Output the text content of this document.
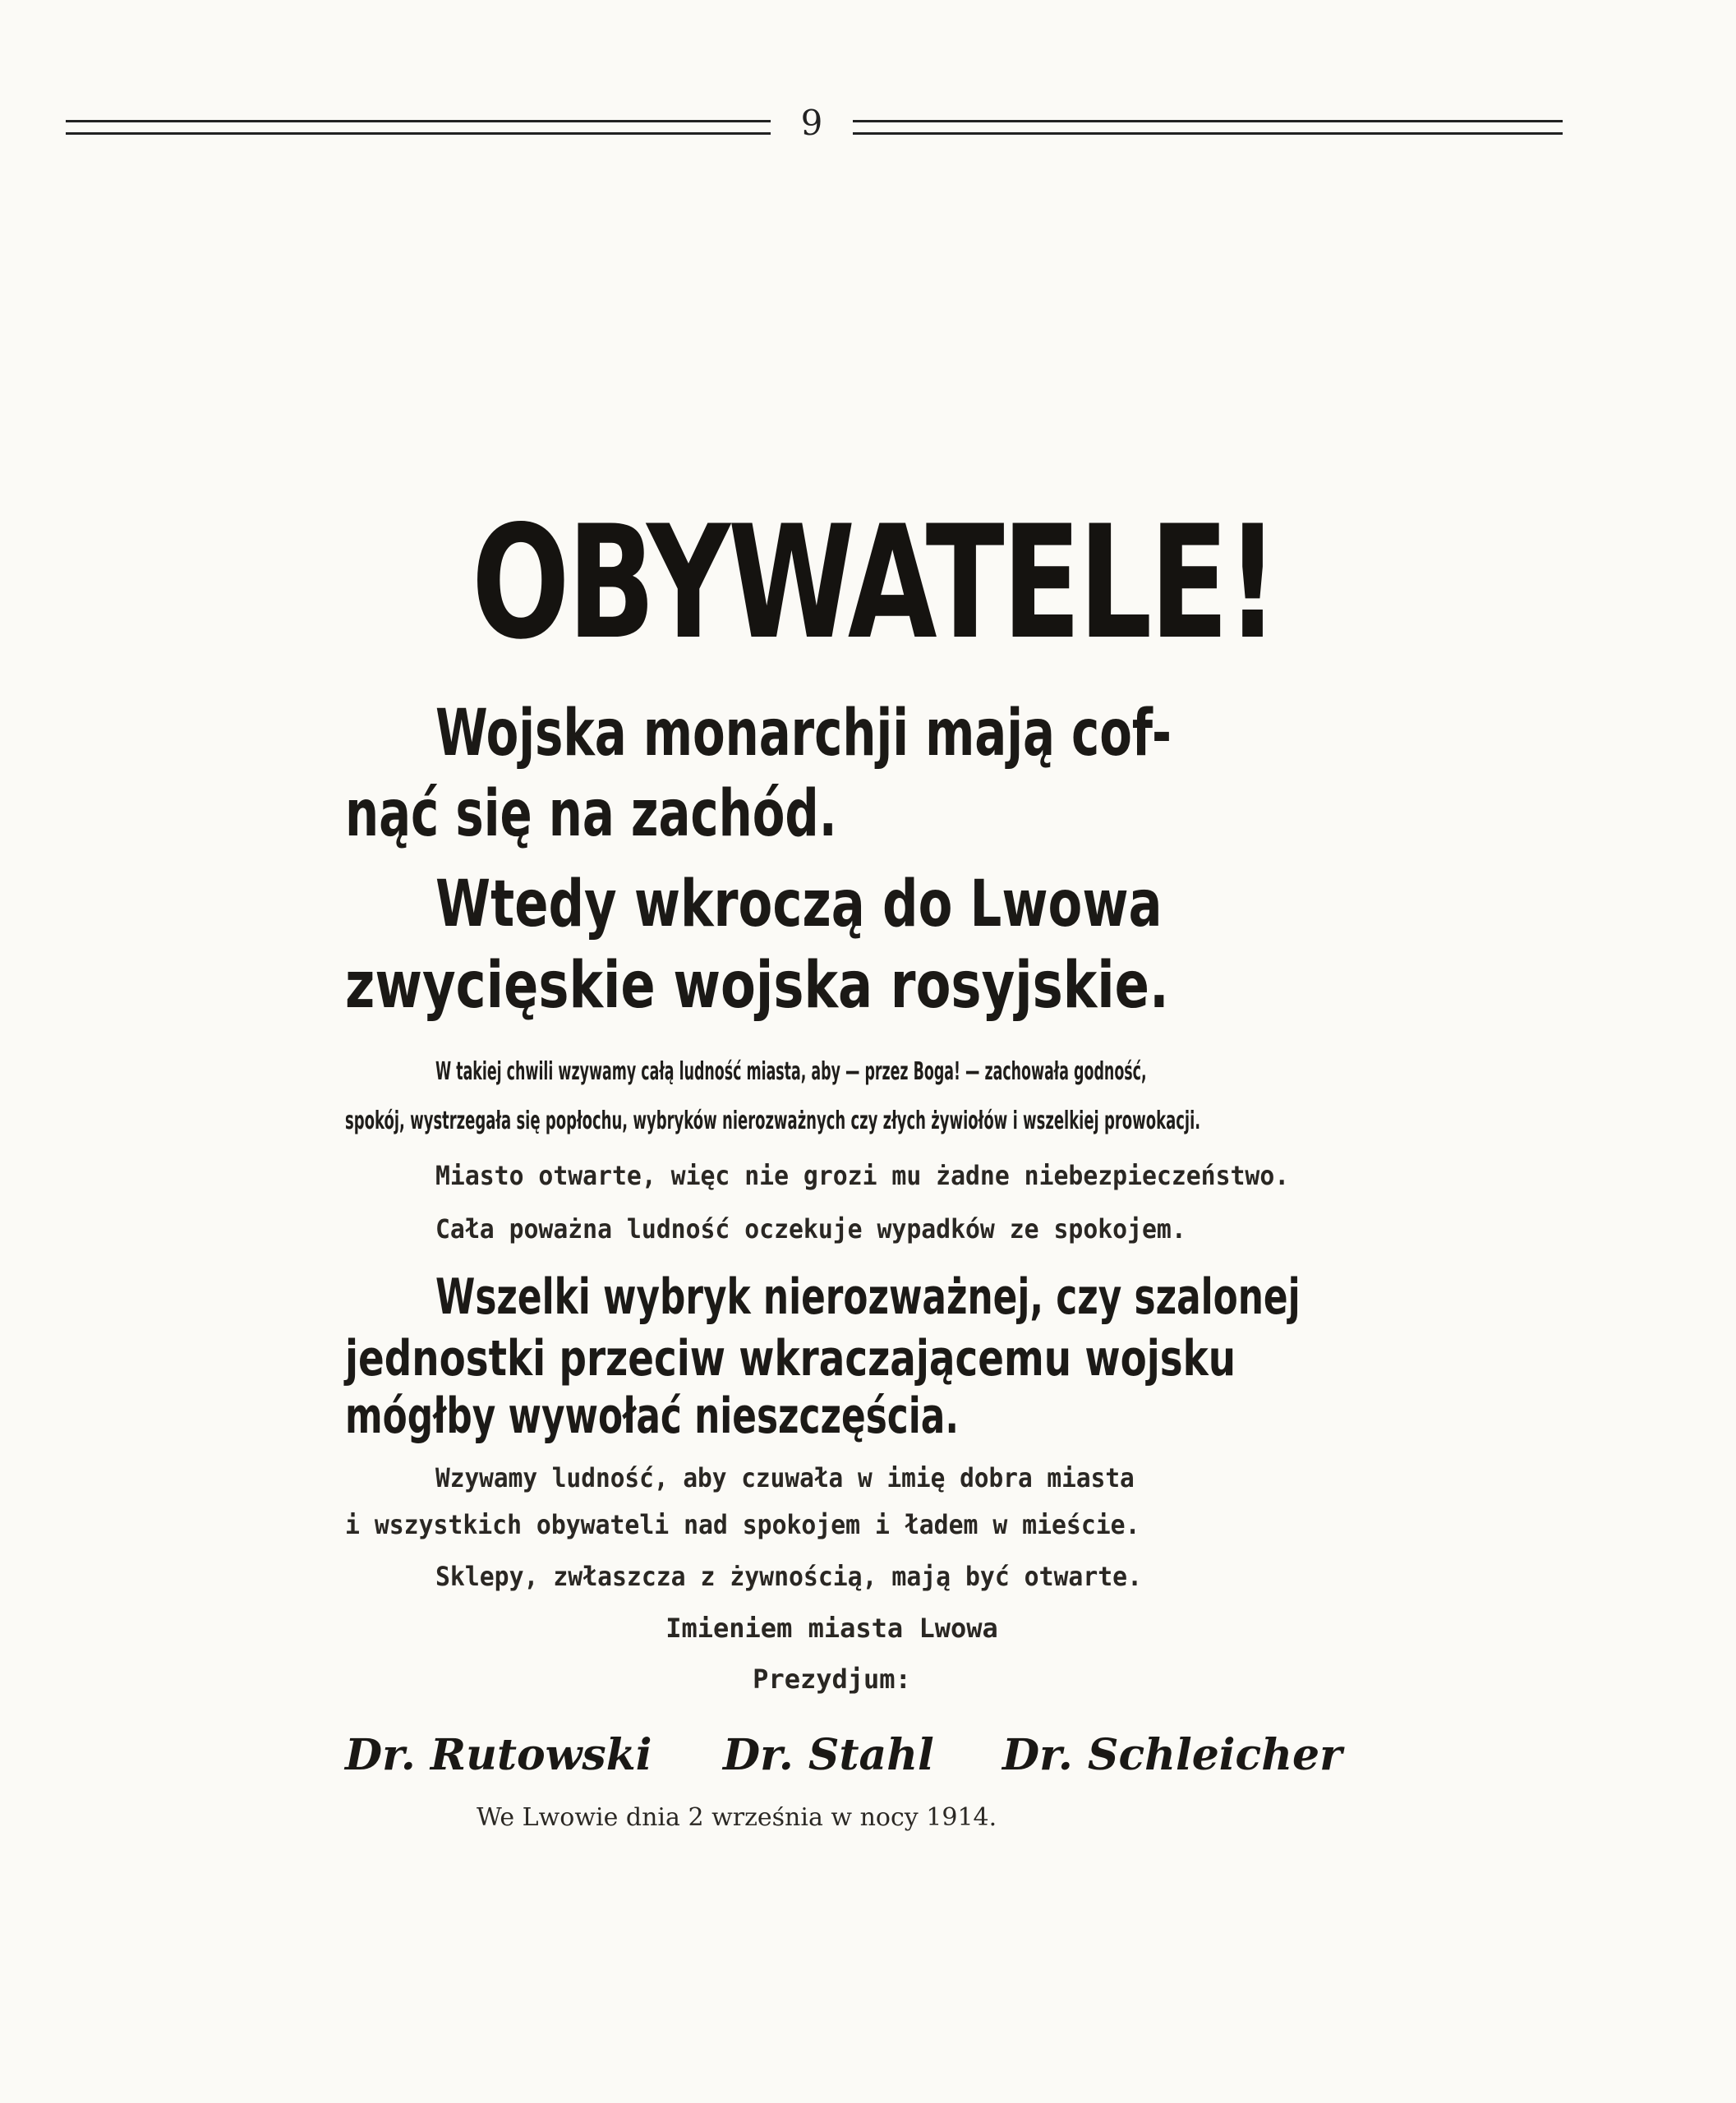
9
OBYWATELE!
Wojska monarchji mają cof-
nąć się na zachód.
Wtedy wkroczą do Lwowa
zwycięskie wojska rosyjskie.
W takiej chwili wzywamy całą ludność miasta, aby — przez Boga! — zachowała godność,
spokój, wystrzegała się popłochu, wybryków nierozważnych czy złych żywiołów i wszelkiej prowokacji.
Miasto otwarte, więc nie grozi mu żadne niebezpieczeństwo.
Cała poważna ludność oczekuje wypadków ze spokojem.
Wszelki wybryk nierozważnej, czy szalonej
jednostki przeciw wkraczającemu wojsku
mógłby wywołać nieszczęścia.
Wzywamy ludność, aby czuwała w imię dobra miasta
i wszystkich obywateli nad spokojem i ładem w mieście.
Sklepy, zwłaszcza z żywnością, mają być otwarte.
Imieniem miasta Lwowa
Prezydjum:
Dr. Rutowski Dr. Stahl Dr. Schleicher
We Lwowie dnia 2 września w nocy 1914.
